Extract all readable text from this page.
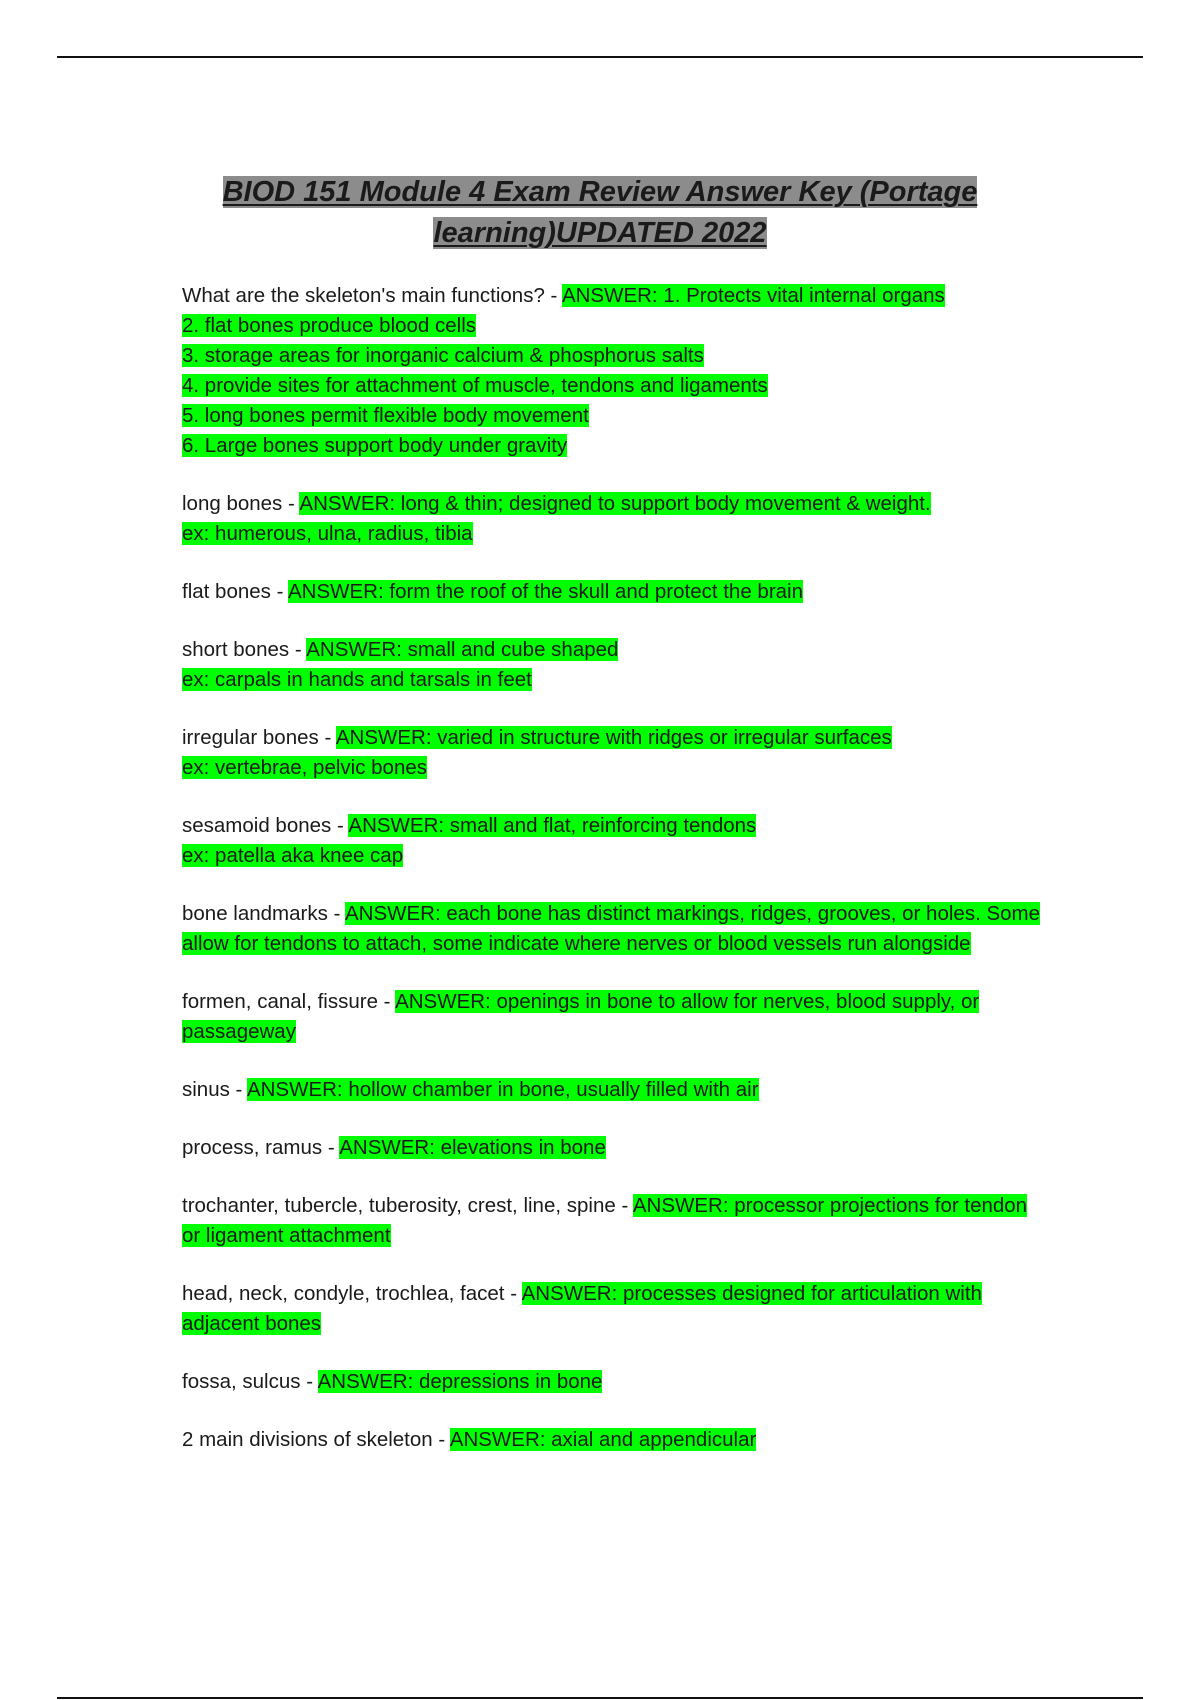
BIOD 151 Module 4 Exam Review Answer Key (Portage
learning)UPDATED 2022
What are the skeleton's main functions? - ANSWER: 1. Protects vital internal organs
2. flat bones produce blood cells
3. storage areas for inorganic calcium & phosphorus salts
4. provide sites for attachment of muscle, tendons and ligaments
5. long bones permit flexible body movement
6. Large bones support body under gravity
long bones - ANSWER: long & thin; designed to support body movement & weight.
ex: humerous, ulna, radius, tibia
flat bones - ANSWER: form the roof of the skull and protect the brain
short bones - ANSWER: small and cube shaped
ex: carpals in hands and tarsals in feet
irregular bones - ANSWER: varied in structure with ridges or irregular surfaces
ex: vertebrae, pelvic bones
sesamoid bones - ANSWER: small and flat, reinforcing tendons
ex: patella aka knee cap
bone landmarks - ANSWER: each bone has distinct markings, ridges, grooves, or holes. Some allow for tendons to attach, some indicate where nerves or blood vessels run alongside
formen, canal, fissure - ANSWER: openings in bone to allow for nerves, blood supply, or passageway
sinus - ANSWER: hollow chamber in bone, usually filled with air
process, ramus - ANSWER: elevations in bone
trochanter, tubercle, tuberosity, crest, line, spine - ANSWER: processor projections for tendon or ligament attachment
head, neck, condyle, trochlea, facet - ANSWER: processes designed for articulation with adjacent bones
fossa, sulcus - ANSWER: depressions in bone
2 main divisions of skeleton - ANSWER: axial and appendicular
